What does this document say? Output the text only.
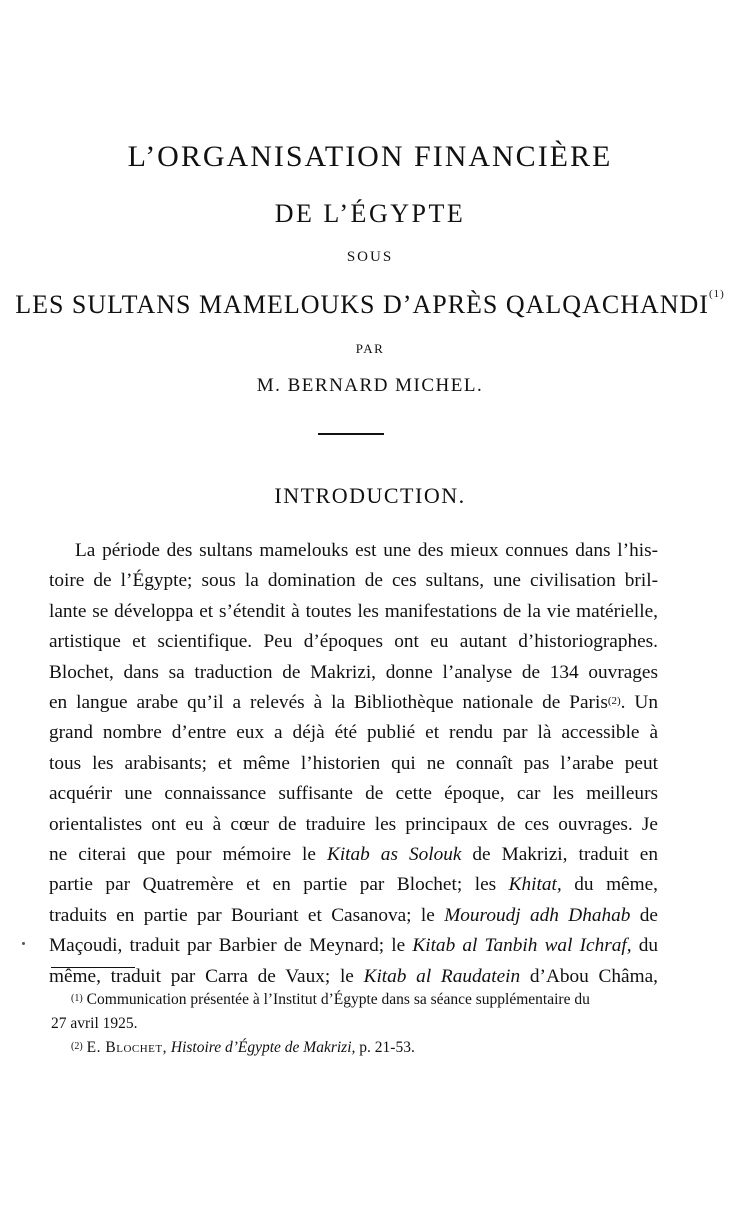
L’ORGANISATION FINANCIÈRE
DE L’ÉGYPTE
SOUS
LES SULTANS MAMELOUKS D’APRÈS QALQACHANDI$^{(1)}$
PAR
M. BERNARD MICHEL.
INTRODUCTION.
La période des sultans mamelouks est une des mieux connues dans l’his-
toire de l’Égypte; sous la domination de ces sultans, une civilisation bril-
lante se développa et s’étendit à toutes les manifestations de la vie matérielle,
artistique et scientifique. Peu d’époques ont eu autant d’historiographes.
Blochet, dans sa traduction de Makrizi, donne l’analyse de 134 ouvrages
en langue arabe qu’il a relevés à la Bibliothèque nationale de Paris$^{(2)}$. Un
grand nombre d’entre eux a déjà été publié et rendu par là accessible à
tous les arabisants; et même l’historien qui ne connaît pas l’arabe peut
acquérir une connaissance suffisante de cette époque, car les meilleurs
orientalistes ont eu à cœur de traduire les principaux de ces ouvrages. Je
ne citerai que pour mémoire le Kitab as Solouk de Makrizi, traduit en
partie par Quatremère et en partie par Blochet; les Khitat, du même,
traduits en partie par Bouriant et Casanova; le Mouroudj adh Dhahab de
Maçoudi, traduit par Barbier de Meynard; le Kitab al Tanbih wal Ichraf, du
même, traduit par Carra de Vaux; le Kitab al Raudatein d’Abou Châma,
$^{(1)}$ Communication présentée à l’Institut d’Égypte dans sa séance supplémentaire du
27 avril 1925.
$^{(2)}$ E. Blochet, Histoire d’Égypte de Makrizi, p. 21-53.
